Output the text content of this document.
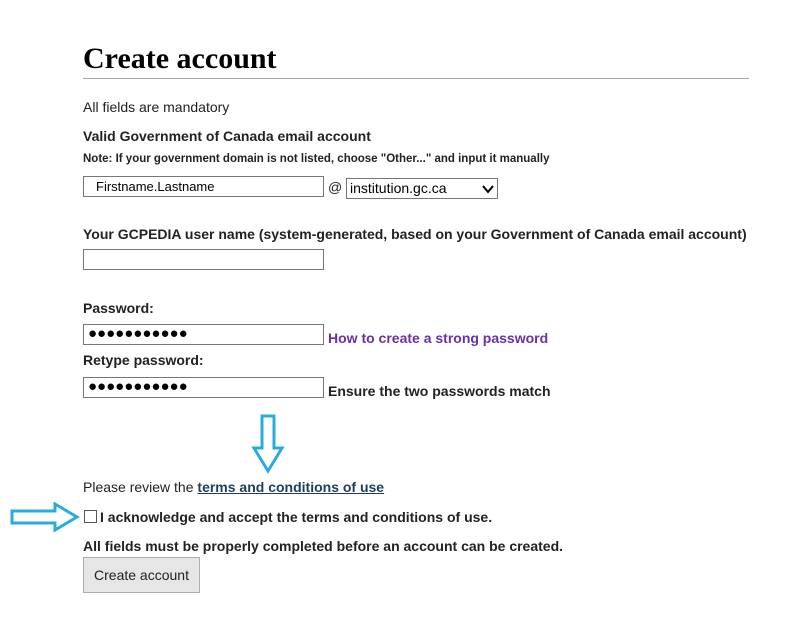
Create account
All fields are mandatory
Valid Government of Canada email account
Note: If your government domain is not listed, choose "Other..." and input it manually
Firstname.Lastname	@ institution.gc.ca
Your GCPEDIA user name (system-generated, based on your Government of Canada email account)
Password:
●●●●●●●●●●●	How to create a strong password
Retype password:
●●●●●●●●●●●	Ensure the two passwords match
Please review the terms and conditions of use
I acknowledge and accept the terms and conditions of use.
All fields must be properly completed before an account can be created.
Create account
